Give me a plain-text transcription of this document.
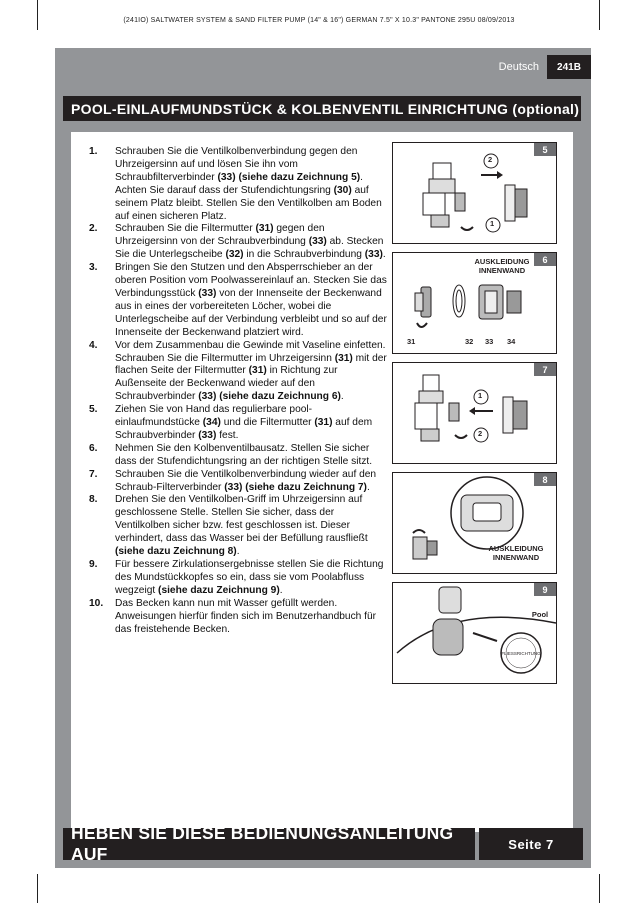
(241IO) SALTWATER SYSTEM & SAND FILTER PUMP (14" & 16") GERMAN 7.5" X 10.3" PANTONE 295U 08/09/2013
Deutsch	241B
POOL-EINLAUFMUNDSTÜCK & KOLBENVENTIL EINRICHTUNG (optional)
1.	Schrauben Sie die Ventilkolbenverbindung gegen den Uhrzeigersinn auf und lösen Sie ihn vom Schraubfilterverbinder (33) (siehe dazu Zeichnung 5). Achten Sie darauf dass der Stufendichtungsring (30) auf seinem Platz bleibt. Stellen Sie den Ventilkolben am Boden auf einen sicheren Platz.
2.	Schrauben Sie die Filtermutter (31) gegen den Uhrzeigersinn von der Schraubverbindung (33) ab. Stecken Sie die Unterlegscheibe (32) in die Schraubverbindung (33).
3.	Bringen Sie den Stutzen und den Absperrschieber an der oberen Position vom Poolwassereinlauf an. Stecken Sie das Verbindungsstück (33) von der Innenseite der Beckenwand aus in eines der vorbereiteten Löcher, wobei die Unterlegscheibe auf der Verbindung verbleibt und so auf der Innenseite der Beckenwand platziert wird.
4.	Vor dem Zusammenbau die Gewinde mit Vaseline einfetten. Schrauben Sie die Filtermutter im Uhrzeigersinn (31) mit der flachen Seite der Filtermutter (31) in Richtung zur Außenseite der Beckenwand wieder auf den Schraubverbinder (33) (siehe dazu Zeichnung 6).
5.	Ziehen Sie von Hand das regulierbare pool-einlaufmundstücke (34) und die Filtermutter (31) auf dem Schraubverbinder (33) fest.
6.	Nehmen Sie den Kolbenventilbausatz. Stellen Sie sicher dass der Stufendichtungsring an der richtigen Stelle sitzt.
7.	Schrauben Sie die Ventilkolbenverbindung wieder auf den Schraub-Filterverbinder (33) (siehe dazu Zeichnung 7).
8.	Drehen Sie den Ventilkolben-Griff im Uhrzeigersinn auf geschlossene Stelle. Stellen Sie sicher, dass der Ventilkolben sicher bzw. fest geschlossen ist. Dieser verhindert, dass das Wasser bei der Befüllung rausfließt (siehe dazu Zeichnung 8).
9.	Für bessere Zirkulationsergebnisse stellen Sie die Richtung des Mundstückkopfes so ein, dass sie vom Poolabfluss wegzeigt (siehe dazu Zeichnung 9).
10.	Das Becken kann nun mit Wasser gefüllt werden. Anweisungen hierfür finden sich im Benutzerhandbuch für das freistehende Becken.
5
2
1
6
AUSKLEIDUNG INNENWAND
31	32 33 34
7
1
2
8
AUSKLEIDUNG INNENWAND
9
Pool
FLIESSRICHTUNG
HEBEN SIE DIESE BEDIENUNGSANLEITUNG AUF	Seite 7
